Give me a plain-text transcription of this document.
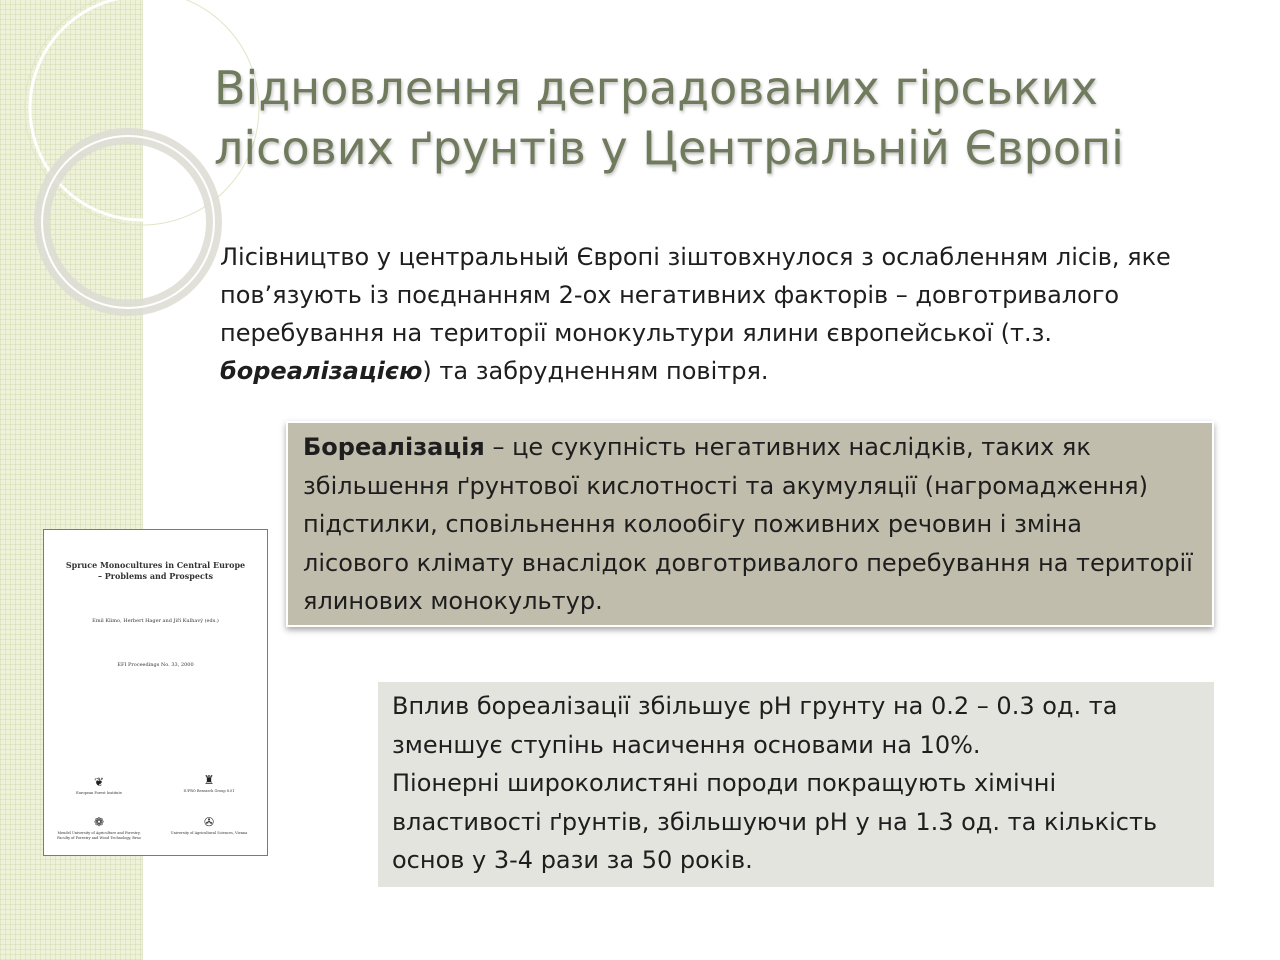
Відновлення деградованих гірських
лісових ґрунтів у Центральній Європі
Лісівництво у центральный Європі зіштовхнулося з ослабленням лісів, яке пов’язують із поєднанням 2-ох негативних факторів – довготривалого перебування на території монокультури ялини європейської (т.з. бореалізацією) та забрудненням повітря.
Бореалізація – це сукупність негативних наслідків, таких як збільшення ґрунтової кислотності та акумуляції (нагромадження) підстилки, сповільнення колообігу поживних речовин і зміна лісового клімату внаслідок довготривалого перебування на території ялинових монокультур.
Spruce Monocultures in Central Europe
– Problems and Prospects
Emil Klimo, Herbert Hager and Jiří Kulhavý (eds.)
EFI Proceedings No. 33, 2000
❦
European Forest Institute
♜
IUFRO Research Group 8.01
❁
Mendel University of Agriculture and Forestry, Faculty of Forestry and Wood Technology, Brno
✇
University of Agricultural Sciences, Vienna
Вплив бореалізації збільшує рН грунту на 0.2 – 0.3 од. та зменшує ступінь насичення основами на 10%.
Піонерні широколистяні породи покращують хімічні властивості ґрунтів, збільшуючи рН у на 1.3 од. та кількість основ у 3-4 рази за 50 років.
